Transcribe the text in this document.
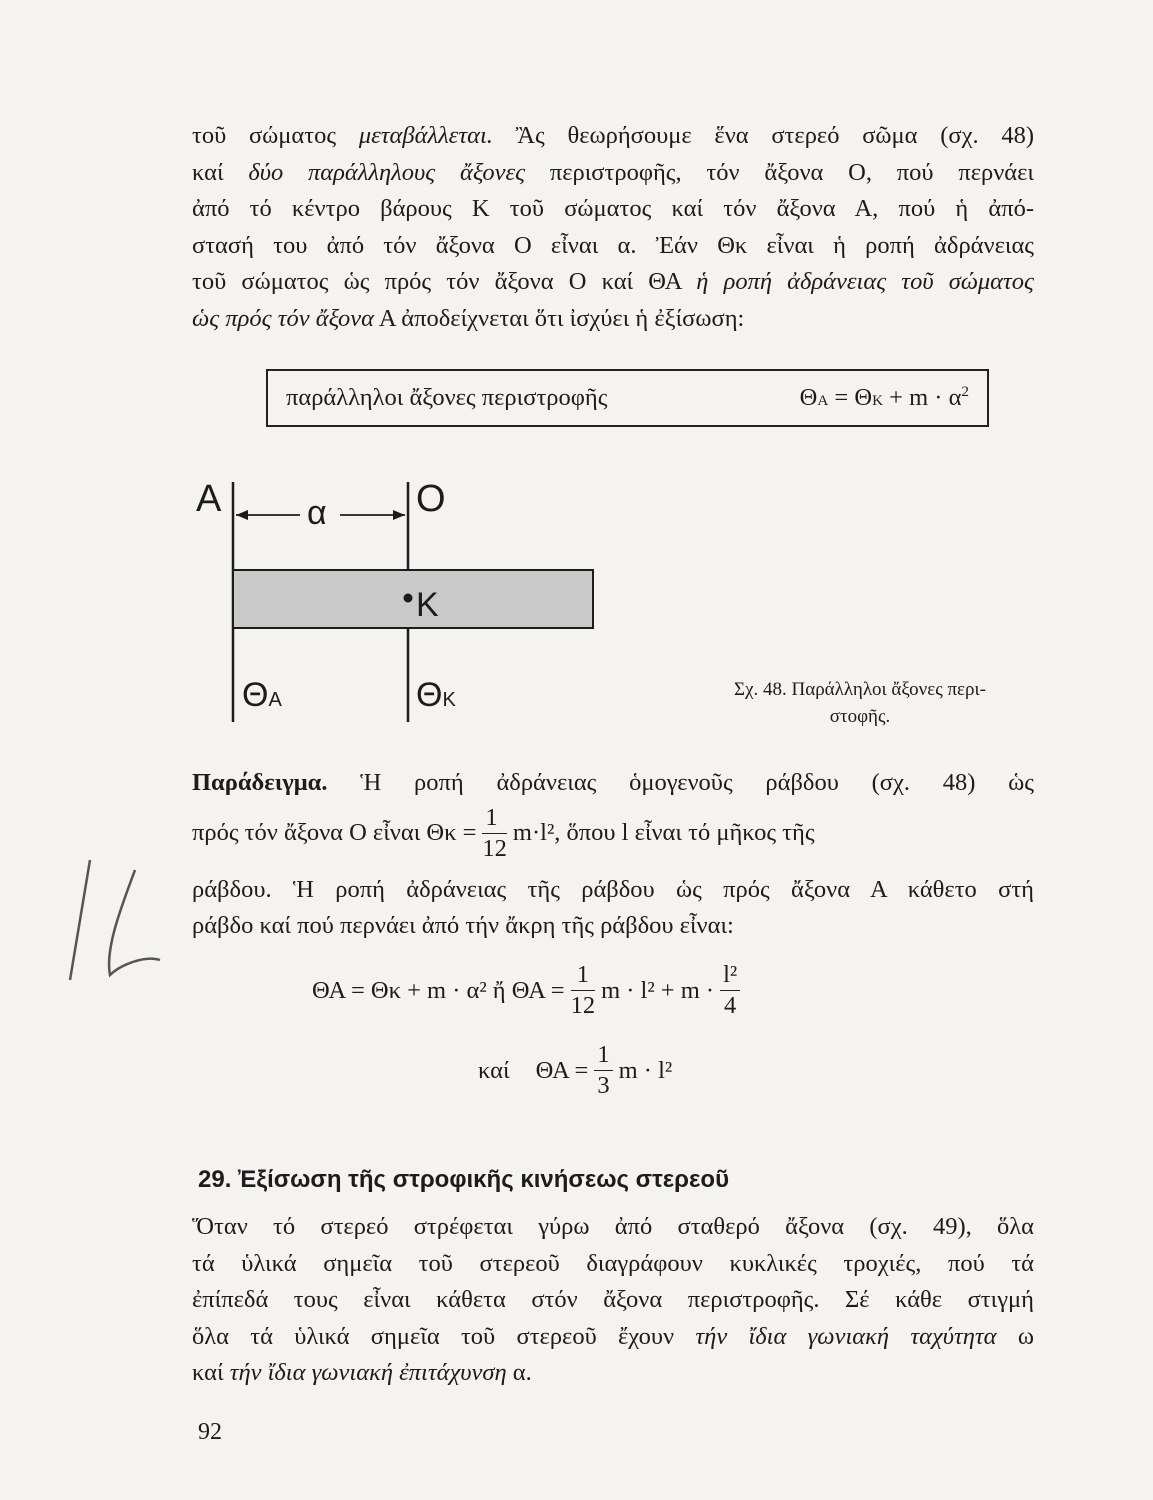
τοῦ σώματος μεταβάλλεται. Ἂς θεωρήσουμε ἕνα στερεό σῶμα (σχ. 48)
καί δύο παράλληλους ἄξονες περιστροφῆς, τόν ἄξονα Ο, πού περνάει
ἀπό τό κέντρο βάρους Κ τοῦ σώματος καί τόν ἄξονα Α, πού ἡ ἀπό-
στασή του ἀπό τόν ἄξονα Ο εἶναι α. Ἐάν Θκ εἶναι ἡ ροπή ἀδράνειας
τοῦ σώματος ὡς πρός τόν ἄξονα Ο καί ΘΑ ἡ ροπή ἀδράνειας τοῦ σώματος
ὡς πρός τόν ἄξονα Α ἀποδείχνεται ὅτι ἰσχύει ἡ ἐξίσωση:
παράλληλοι ἄξονες περιστροφῆς	$\Theta A = \Theta K + m \cdot \alpha^2$
A	O
α
K
ΘA	ΘK	Σχ. 48. Παράλληλοι ἄξονες περι-
στοφῆς.
Παράδειγμα. Ἡ ροπή ἀδράνειας ὁμογενοῦς ράβδου (σχ. 48) ὡς
πρός τόν ἄξονα Ο εἶναι $\Theta\kappa = \frac{1}{12} m\cdot l^2$, ὅπου l εἶναι τό μῆκος τῆς
ράβδου. Ἡ ροπή ἀδράνειας τῆς ράβδου ὡς πρός ἄξονα Α κάθετο στή
ράβδο καί πού περνάει ἀπό τήν ἄκρη τῆς ράβδου εἶναι:
ΘΑ = Θκ + m · α² ἤ $\Theta A = \frac{1}{12}$ $m \cdot l^2 + m \cdot \frac{\text{l²}}{4}$
καί $\Theta A = \frac{1}{3}$ m · l²
29. Ἐξίσωση τῆς στροφικῆς κινήσεως στερεοῦ
Ὅταν τό στερεό στρέφεται γύρω ἀπό σταθερό ἄξονα (σχ. 49), ὅλα
τά ὑλικά σημεῖα τοῦ στερεοῦ διαγράφουν κυκλικές τροχιές, πού τά
ἐπίπεδά τους εἶναι κάθετα στόν ἄξονα περιστροφῆς. Σέ κάθε στιγμή
ὅλα τά ὑλικά σημεῖα τοῦ στερεοῦ ἔχουν τήν ἴδια γωνιακή ταχύτητα ω
καί τήν ἴδια γωνιακή ἐπιτάχυνση α.
92
